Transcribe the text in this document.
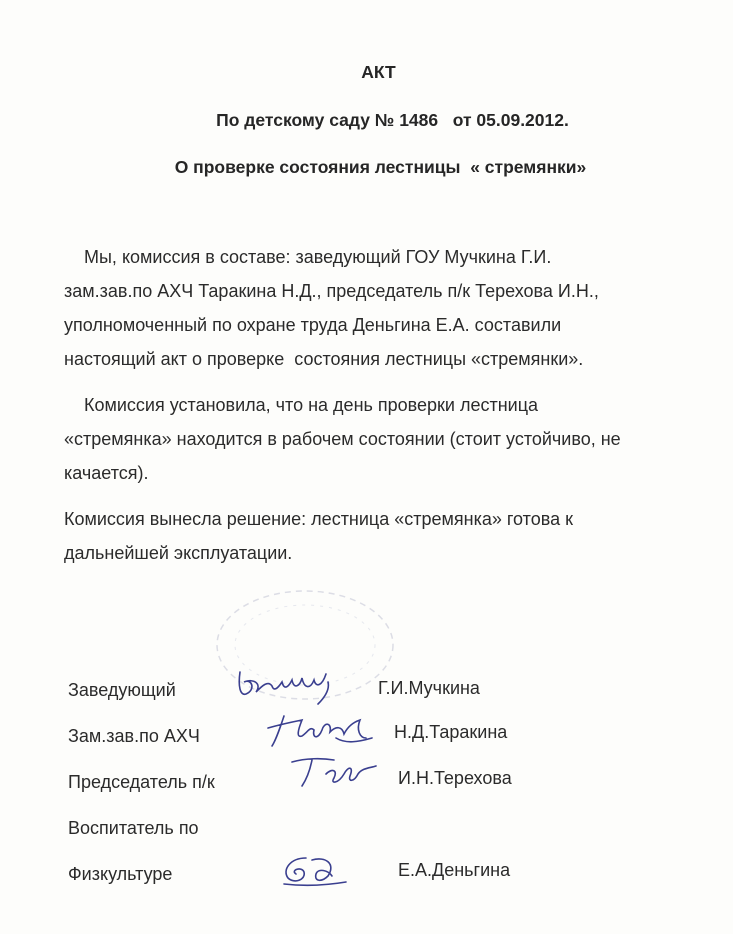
АКТ
По детскому саду № 1486   от 05.09.2012.
О проверке состояния лестницы  « стремянки»
Мы, комиссия в составе: заведующий ГОУ Мучкина Г.И.
зам.зав.по АХЧ Таракина Н.Д., председатель п/к Терехова И.Н.,
уполномоченный по охране труда Деньгина Е.А. составили
настоящий акт о проверке  состояния лестницы «стремянки».
Комиссия установила, что на день проверки лестница
«стремянка» находится в рабочем состоянии (стоит устойчиво, не
качается).
Комиссия вынесла решение: лестница «стремянка» готова к
дальнейшей эксплуатации.
Заведующий	Г.И.Мучкина
Зам.зав.по АХЧ	Н.Д.Таракина
Председатель п/к	И.Н.Терехова
Воспитатель по
Физкультуре	Е.А.Деньгина
